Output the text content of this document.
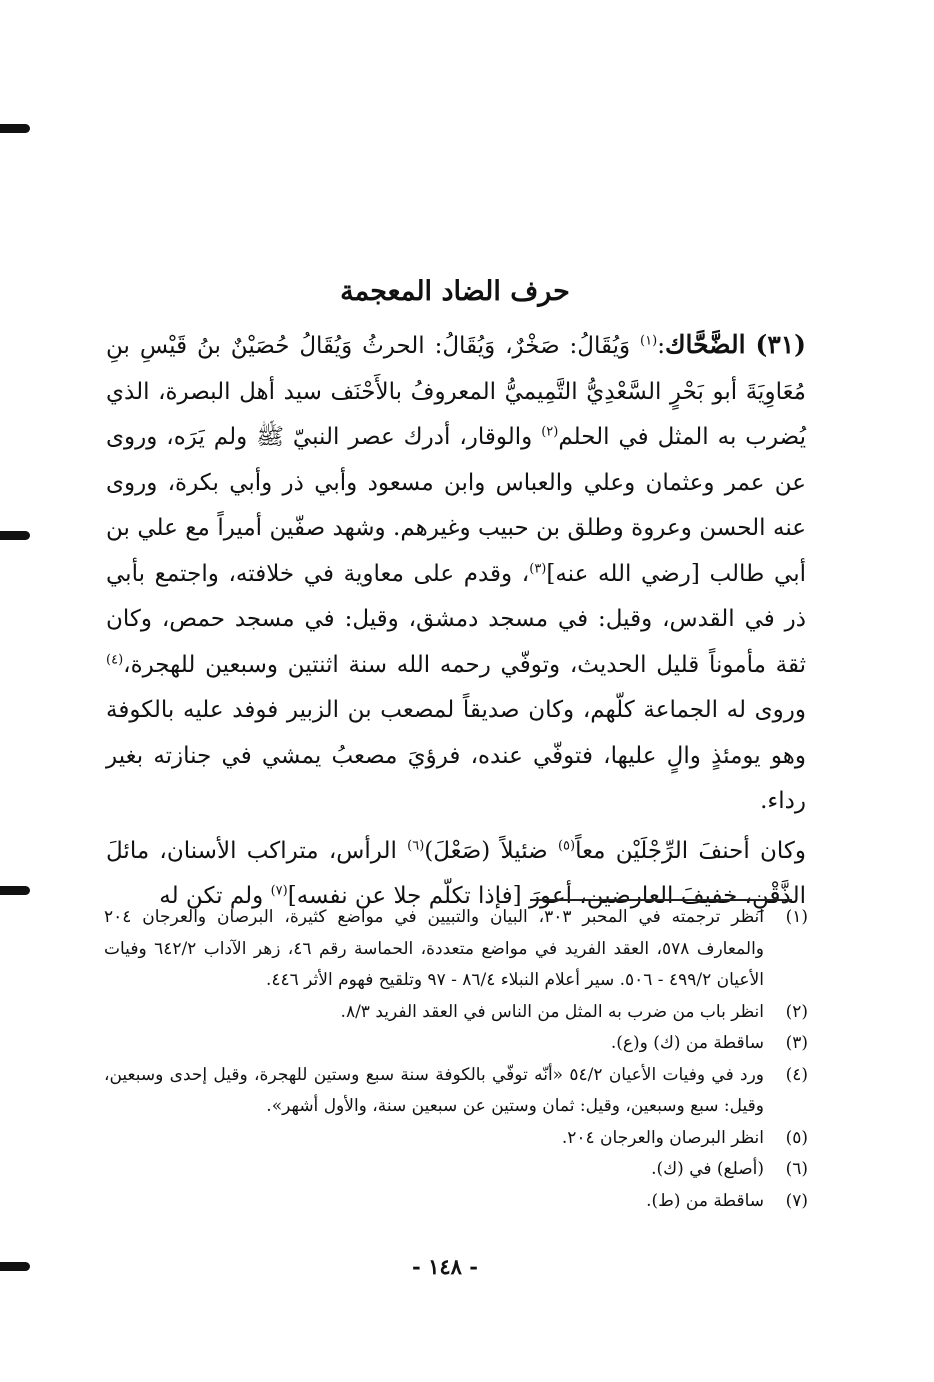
حرف الضاد المعجمة

(٣١) الضَّحَّاك:$^{(١)}$ وَيُقَالُ: صَخْرٌ، وَيُقَالُ: الحرثُ وَيُقَالُ حُصَيْنٌ بنُ قَيْسِ بنِ مُعَاوِيَةَ أبو بَحْرٍ السَّعْدِيُّ التَّمِيميُّ المعروفُ بالأَحْنَف سيد أهل البصرة، الذي يُضرب به المثل في الحلم$^{(٢)}$ والوقار، أدرك عصر النبيّ ﷺ ولم يَرَه، وروى عن عمر وعثمان وعلي والعباس وابن مسعود وأبي ذر وأبي بكرة، وروى عنه الحسن وعروة وطلق بن حبيب وغيرهم. وشهد صفّين أميراً مع علي بن أبي طالب [رضي الله عنه]$^{(٣)}$، وقدم على معاوية في خلافته، واجتمع بأبي ذر في القدس، وقيل: في مسجد دمشق، وقيل: في مسجد حمص، وكان ثقة مأموناً قليل الحديث، وتوفّي رحمه الله سنة اثنتين وسبعين للهجرة،$^{(٤)}$ وروى له الجماعة كلّهم، وكان صديقاً لمصعب بن الزبير فوفد عليه بالكوفة وهو يومئذٍ والٍ عليها، فتوفّي عنده، فرؤيَ مصعبُ يمشي في جنازته بغير رداء.

وكان أحنفَ الرِّجْلَيْن معاً$^{(٥)}$ ضئيلاً (صَعْلَ)$^{(٦)}$ الرأس، متراكب الأسنان، مائلَ الذَّقْنِ، خفيفَ العارضين، أعورَ [فإذا تكلّم جلا عن نفسه]$^{(٧)}$ ولم تكن له

(١)
انظر ترجمته في المحبر ٣٠٣، البيان والتبيين في مواضع كثيرة، البرصان والعرجان ٢٠٤ والمعارف ٥٧٨، العقد الفريد في مواضع متعددة، الحماسة رقم ٤٦، زهر الآداب ٦٤٢/٢ وفيات الأعيان ٤٩٩/٢ - ٥٠٦. سير أعلام النبلاء ٨٦/٤ - ٩٧ وتلقيح فهوم الأثر ٤٤٦.
(٢)
انظر باب من ضرب به المثل من الناس في العقد الفريد ٨/٣.
(٣)
ساقطة من (ك) و(ع).
(٤)
ورد في وفيات الأعيان ٥٤/٢ «أنّه توفّي بالكوفة سنة سبع وستين للهجرة، وقيل إحدى وسبعين، وقيل: سبع وسبعين، وقيل: ثمان وستين عن سبعين سنة، والأول أشهر».
(٥)
انظر البرصان والعرجان ٢٠٤.
(٦)
(أصلع) في (ك).
(٧)
ساقطة من (ط).
- ١٤٨ -
